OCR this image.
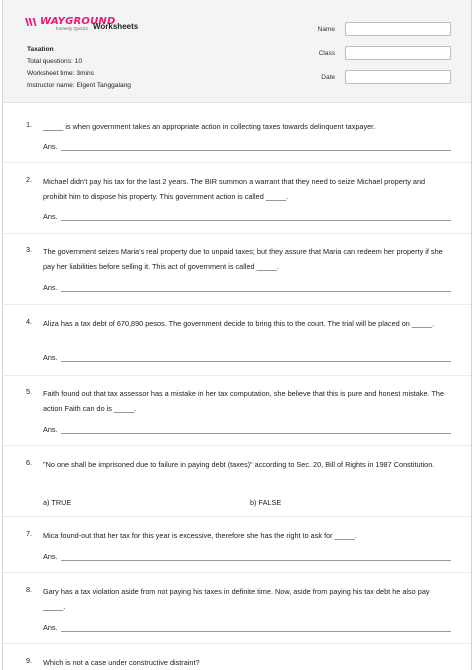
WAYGROUND
formerly Quizizz Worksheets
Taxation
Total questions: 10
Worksheet time: 3mins
Instructor name: Elgent Tanggalang
Name
Class
Date
1. _____ is when government takes an appropriate action in collecting taxes towards delinquent taxpayer.
Ans.
2. Michael didn't pay his tax for the last 2 years. The BIR summon a warrant that they need to seize Michael property and prohibit him to dispose his property. This government action is called _____.
Ans.
3. The government seizes Maria's real property due to unpaid taxes; but they assure that Maria can redeem her property if she pay her liabilities before selling it. This act of government is called _____.
Ans.
4. Aliza has a tax debt of 670,890 pesos. The government decide to bring this to the court. The trial will be placed on _____.
Ans.
5. Faith found out that tax assessor has a mistake in her tax computation, she believe that this is pure and honest mistake. The action Faith can do is _____.
Ans.
6. "No one shall be imprisoned due to failure in paying debt (taxes)" according to Sec. 20, Bill of Rights in 1987 Constitution.
a) TRUE	b) FALSE
7. Mica found-out that her tax for this year is excessive, therefore she has the right to ask for _____.
Ans.
8. Gary has a tax violation aside from not paying his taxes in definite time. Now, aside from paying his tax debt he also pay _____.
Ans.
9. Which is not a case under constructive distraint?
